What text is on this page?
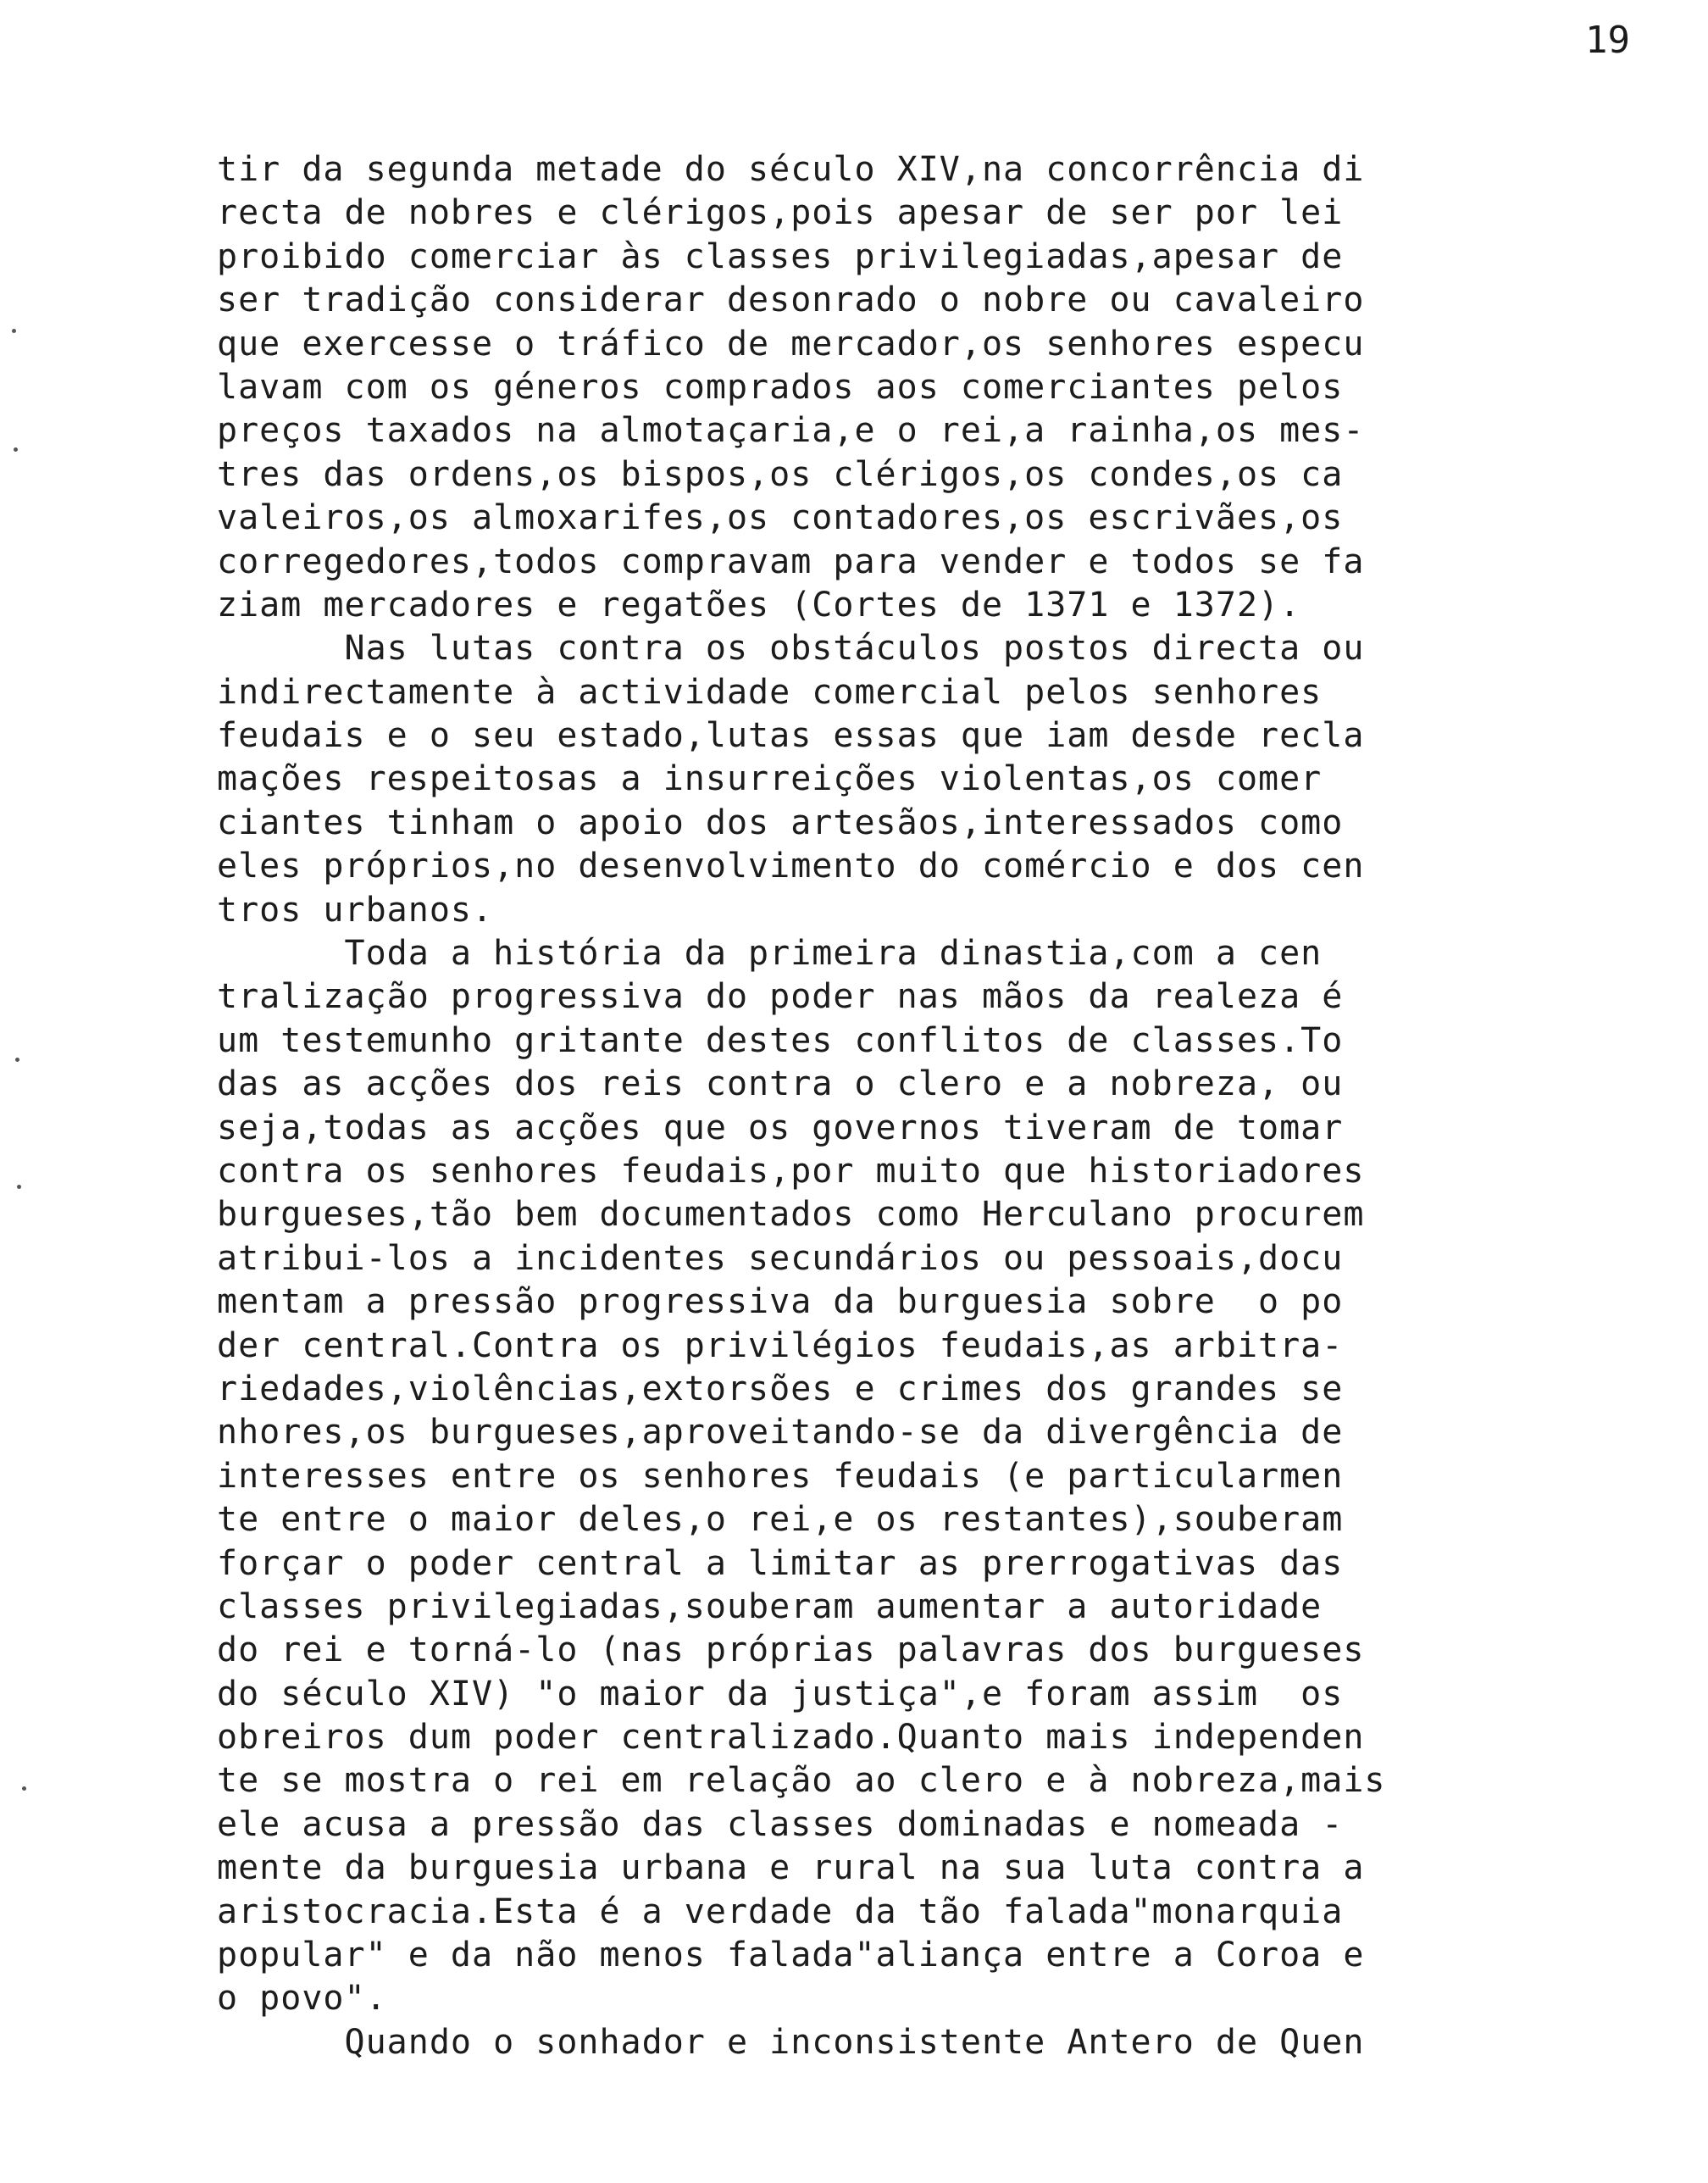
19
tir da segunda metade do século XIV,na concorrência di
recta de nobres e clérigos,pois apesar de ser por lei
proibido comerciar às classes privilegiadas,apesar de
ser tradição considerar desonrado o nobre ou cavaleiro
que exercesse o tráfico de mercador,os senhores especu
lavam com os géneros comprados aos comerciantes pelos
preços taxados na almotaçaria,e o rei,a rainha,os mes-
tres das ordens,os bispos,os clérigos,os condes,os ca
valeiros,os almoxarifes,os contadores,os escrivães,os
corregedores,todos compravam para vender e todos se fa
ziam mercadores e regatões (Cortes de 1371 e 1372).
Nas lutas contra os obstáculos postos directa ou
indirectamente à actividade comercial pelos senhores
feudais e o seu estado,lutas essas que iam desde recla
mações respeitosas a insurreições violentas,os comer
ciantes tinham o apoio dos artesãos,interessados como
eles próprios,no desenvolvimento do comércio e dos cen
tros urbanos.
Toda a história da primeira dinastia,com a cen
tralização progressiva do poder nas mãos da realeza é
um testemunho gritante destes conflitos de classes.To
das as acções dos reis contra o clero e a nobreza, ou
seja,todas as acções que os governos tiveram de tomar
contra os senhores feudais,por muito que historiadores
burgueses,tão bem documentados como Herculano procurem
atribui-los a incidentes secundários ou pessoais,docu
mentam a pressão progressiva da burguesia sobre  o po
der central.Contra os privilégios feudais,as arbitra-
riedades,violências,extorsões e crimes dos grandes se
nhores,os burgueses,aproveitando-se da divergência de
interesses entre os senhores feudais (e particularmen
te entre o maior deles,o rei,e os restantes),souberam
forçar o poder central a limitar as prerrogativas das
classes privilegiadas,souberam aumentar a autoridade
do rei e torná-lo (nas próprias palavras dos burgueses
do século XIV) "o maior da justiça",e foram assim  os
obreiros dum poder centralizado.Quanto mais independen
te se mostra o rei em relação ao clero e à nobreza,mais
ele acusa a pressão das classes dominadas e nomeada -
mente da burguesia urbana e rural na sua luta contra a
aristocracia.Esta é a verdade da tão falada"monarquia
popular" e da não menos falada"aliança entre a Coroa e
o povo".
Quando o sonhador e inconsistente Antero de Quen
